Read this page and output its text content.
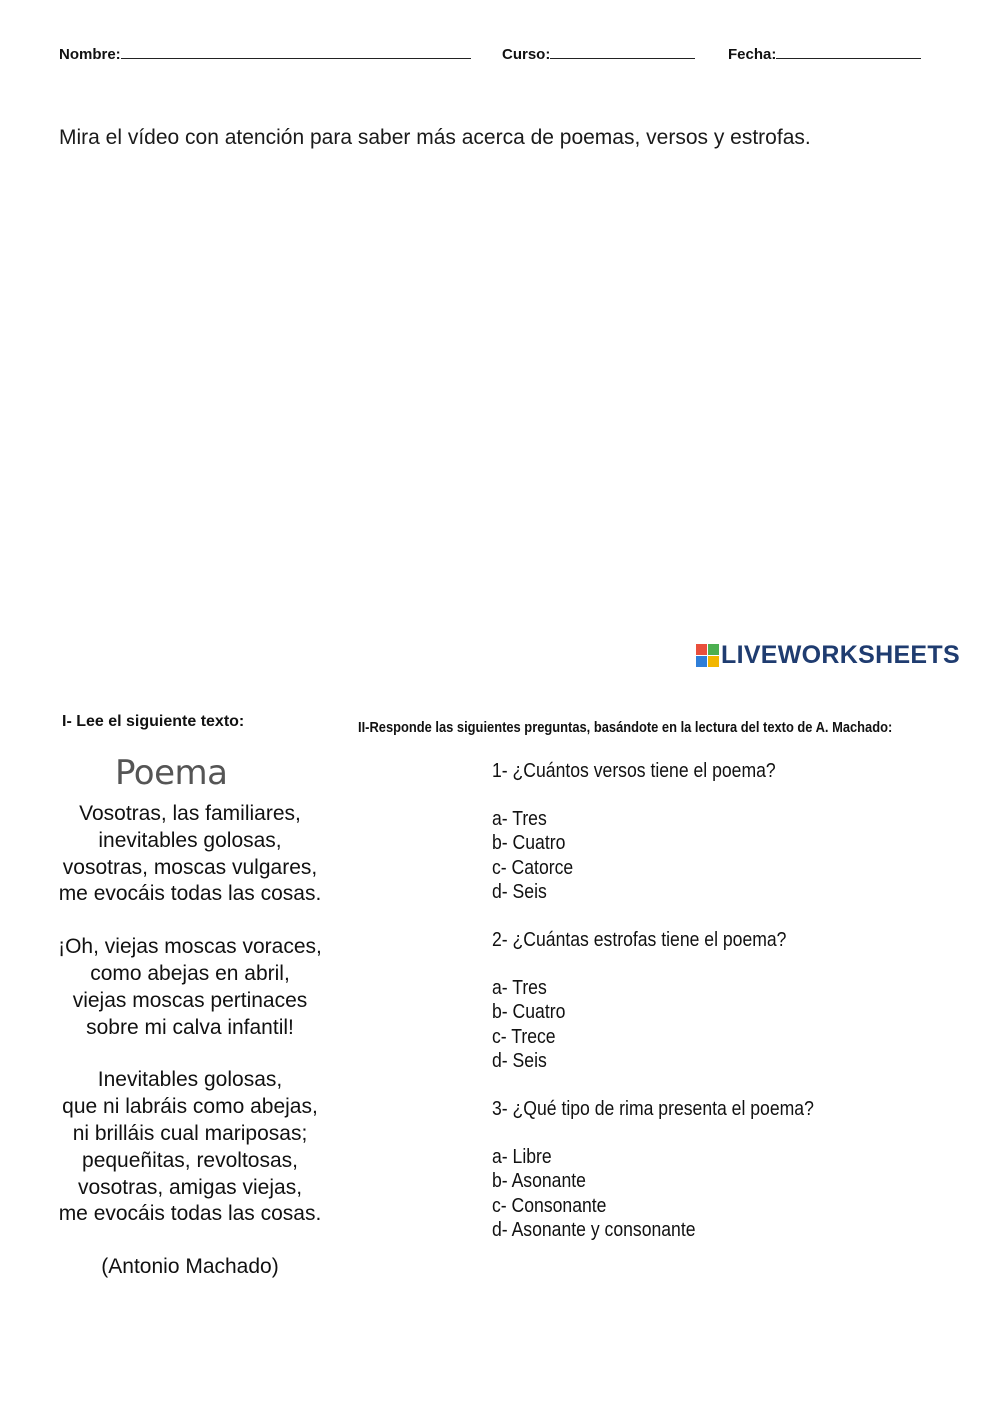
Nombre:	Curso:	Fecha:
Mira el vídeo con atención para saber más acerca de poemas, versos y estrofas.
LIVEWORKSHEETS
I- Lee el siguiente texto:	II-Responde las siguientes preguntas, basándote en la lectura del texto de A. Machado:
Poema
Vosotras, las familiares,
inevitables golosas,
vosotras, moscas vulgares,
me evocáis todas las cosas.
¡Oh, viejas moscas voraces,
como abejas en abril,
viejas moscas pertinaces
sobre mi calva infantil!
Inevitables golosas,
que ni labráis como abejas,
ni brilláis cual mariposas;
pequeñitas, revoltosas,
vosotras, amigas viejas,
me evocáis todas las cosas.
(Antonio Machado)
1- ¿Cuántos versos tiene el poema?
a- Tres
b- Cuatro
c- Catorce
d- Seis
2- ¿Cuántas estrofas tiene el poema?
a- Tres
b- Cuatro
c- Trece
d- Seis
3- ¿Qué tipo de rima presenta el poema?
a- Libre
b- Asonante
c- Consonante
d- Asonante y consonante
